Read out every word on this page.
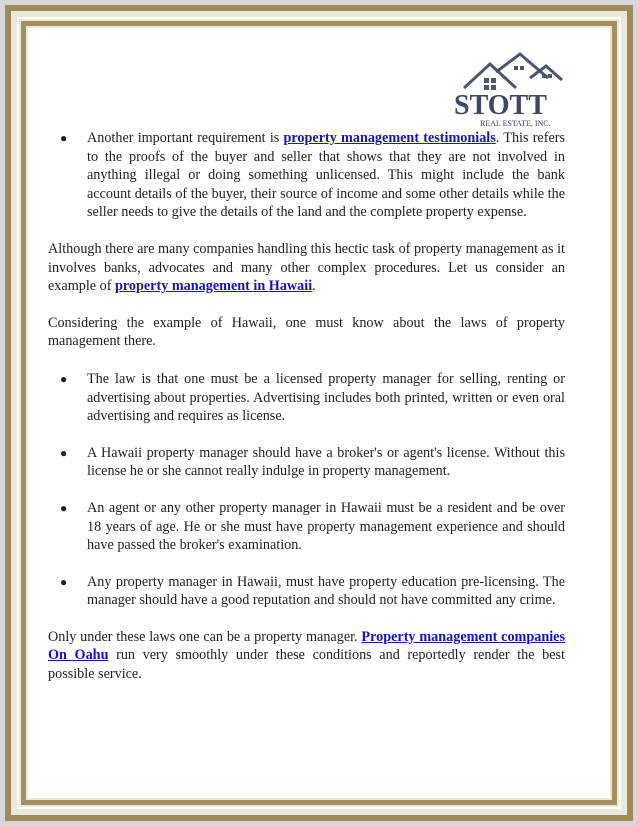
STOTT
REAL ESTATE, INC.
● Another important requirement is property management testimonials. This refers to the proofs of the buyer and seller that shows that they are not involved in anything illegal or doing something unlicensed. This might include the bank account details of the buyer, their source of income and some other details while the seller needs to give the details of the land and the complete property expense.

Although there are many companies handling this hectic task of property management as it involves banks, advocates and many other complex procedures. Let us consider an example of property management in Hawaii.

Considering the example of Hawaii, one must know about the laws of property management there.

● The law is that one must be a licensed property manager for selling, renting or advertising about properties. Advertising includes both printed, written or even oral advertising and requires as license.
● A Hawaii property manager should have a broker's or agent's license. Without this license he or she cannot really indulge in property management.
● An agent or any other property manager in Hawaii must be a resident and be over 18 years of age. He or she must have property management experience and should have passed the broker's examination.
● Any property manager in Hawaii, must have property education pre-licensing. The manager should have a good reputation and should not have committed any crime.

Only under these laws one can be a property manager. Property management companies On Oahu run very smoothly under these conditions and reportedly render the best possible service.
